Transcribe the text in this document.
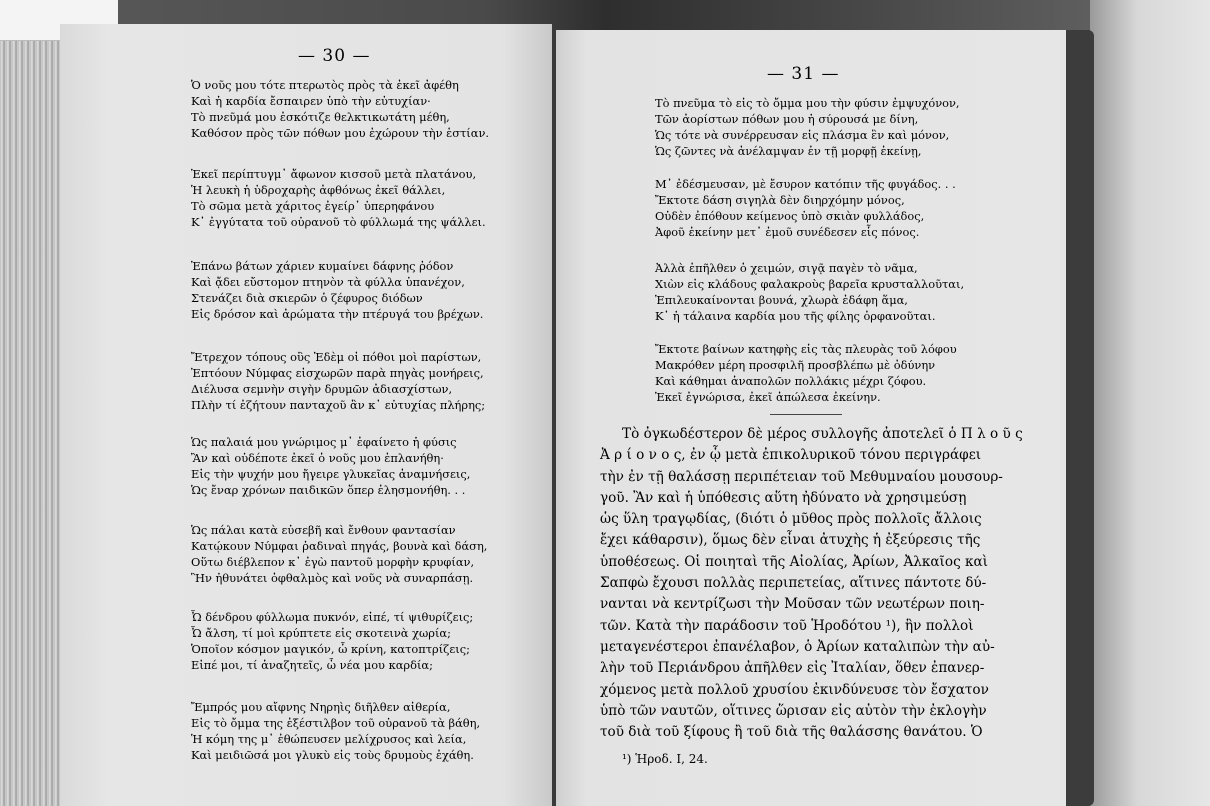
— 30 —
— 31 —
Ὁ νοῦς μου τότε πτερωτὸς πρὸς τὰ ἐκεῖ ἀφέθη
Καὶ ἡ καρδία ἔσπαιρεν ὑπὸ τὴν εὐτυχίαν·
Τὸ πνεῦμά μου ἐσκότιζε θελκτικωτάτη μέθη,
Καθόσον πρὸς τῶν πόθων μου ἐχώρουν τὴν ἑστίαν.
Ἐκεῖ περίπτυγμ᾽ ἄφωνον κισσοῦ μετὰ πλατάνου,
Ἡ λευκὴ ἡ ὑδροχαρὴς ἀφθόνως ἐκεῖ θάλλει,
Τὸ σῶμα μετὰ χάριτος ἐγείρ᾽ ὑπερηφάνου
Κ᾽ ἐγγύτατα τοῦ οὐρανοῦ τὸ φύλλωμά της ψάλλει.
Ἐπάνω βάτων χάριεν κυμαίνει δάφνης ῥόδον
Καὶ ᾄδει εὔστομον πτηνὸν τὰ φύλλα ὑπανέχον,
Στενάζει διὰ σκιερῶν ὁ ζέφυρος διόδων
Εἰς δρόσον καὶ ἀρώματα τὴν πτέρυγά του βρέχων.
Ἔτρεχον τόπους οὓς Ἐδὲμ οἱ πόθοι μοὶ παρίστων,
Ἐπτόουν Νύμφας εἰσχωρῶν παρὰ πηγὰς μονήρεις,
Διέλυσα σεμνὴν σιγὴν δρυμῶν ἀδιασχίστων,
Πλὴν τί ἐζήτουν πανταχοῦ ἂν κ᾽ εὐτυχίας πλήρης;
Ὡς παλαιά μου γνώριμος μ᾽ ἐφαίνετο ἡ φύσις
Ἂν καὶ οὐδέποτε ἐκεῖ ὁ νοῦς μου ἐπλανήθη·
Εἰς τὴν ψυχήν μου ἤγειρε γλυκεῖας ἀναμνήσεις,
Ὡς ἔναρ χρόνων παιδικῶν ὅπερ ἐλησμονήθη. . .
Ὡς πάλαι κατὰ εὐσεβῆ καὶ ἔνθουν φαντασίαν
Κατῴκουν Νύμφαι ῥαδιναὶ πηγάς, βουνὰ καὶ δάση,
Οὕτω διέβλεπον κ᾽ ἐγὼ παντοῦ μορφὴν κρυφίαν,
Ἣν ἠθυνάτει ὀφθαλμὸς καὶ νοῦς νὰ συναρπάσῃ.
Ὦ δένδρου φύλλωμα πυκνόν, εἰπέ, τί ψιθυρίζεις;
Ὦ ἄλση, τί μοὶ κρύπτετε εἰς σκοτεινὰ χωρία;
Ὁποῖον κόσμον μαγικόν, ὦ κρίνη, κατοπτρίζεις;
Εἰπέ μοι, τί ἀναζητεῖς, ὦ νέα μου καρδία;
Ἔμπρός μου αἴφνης Νηρηὶς διῆλθεν αἰθερία,
Εἰς τὸ ὄμμα της ἐξέστιλβον τοῦ οὐρανοῦ τὰ βάθη,
Ἡ κόμη της μ᾽ ἐθώπευσεν μελίχρυσος καὶ λεία,
Καὶ μειδιῶσά μοι γλυκὺ εἰς τοὺς δρυμοὺς ἐχάθη.
Τὸ πνεῦμα τὸ εἰς τὸ ὄμμα μου τὴν φύσιν ἐμψυχόνον,
Τῶν ἀορίστων πόθων μου ἡ σύρουσά με δίνη,
Ὡς τότε νὰ συνέρρευσαν εἰς πλάσμα ἓν καὶ μόνον,
Ὡς ζῶντες νὰ ἀνέλαμψαν ἐν τῇ μορφῇ ἐκείνῃ,
Μ᾽ ἐδέσμευσαν, μὲ ἔσυρον κατόπιν τῆς φυγάδος. . .
Ἔκτοτε δάση σιγηλὰ δὲν διηρχόμην μόνος,
Οὐδὲν ἐπόθουν κείμενος ὑπὸ σκιὰν φυλλάδος,
Ἀφοῦ ἐκείνην μετ᾽ ἐμοῦ συνέδεσεν εἷς πόνος.
Ἀλλὰ ἐπῆλθεν ὁ χειμών, σιγᾷ παγὲν τὸ νᾶμα,
Χιὼν εἰς κλάδους φαλακροὺς βαρεῖα κρυσταλλοῦται,
Ἐπιλευκαίνονται βουνά, χλωρὰ ἐδάφη ἅμα,
Κ᾽ ἡ τάλαινα καρδία μου τῆς φίλης ὀρφανοῦται.
Ἔκτοτε βαίνων κατηφὴς εἰς τὰς πλευρὰς τοῦ λόφου
Μακρόθεν μέρη προσφιλῆ προσβλέπω μὲ ὀδύνην
Καὶ κάθημαι ἀναπολῶν πολλάκις μέχρι ζόφου.
Ἐκεῖ ἐγνώρισα, ἐκεῖ ἀπώλεσα ἐκείνην.
Τὸ ὀγκωδέστερον δὲ μέρος συλλογῆς ἀποτελεῖ ὁ Π λ ο ῦ ς
Ἀ ρ ί ο ν ο ς, ἐν ᾧ μετὰ ἐπικολυρικοῦ τόνου περιγράφει
τὴν ἐν τῇ θαλάσσῃ περιπέτειαν τοῦ Μεθυμναίου μουσουρ-
γοῦ. Ἂν καὶ ἡ ὑπόθεσις αὕτη ἠδύνατο νὰ χρησιμεύσῃ
ὡς ὕλη τραγῳδίας, (διότι ὁ μῦθος πρὸς πολλοῖς ἄλλοις
ἔχει κάθαρσιν), ὅμως δὲν εἶναι ἀτυχὴς ἡ ἐξεύρεσις τῆς
ὑποθέσεως. Οἱ ποιηταὶ τῆς Αἰολίας, Ἀρίων, Ἀλκαῖος καὶ
Σαπφὼ ἔχουσι πολλὰς περιπετείας, αἵτινες πάντοτε δύ-
νανται νὰ κεντρίζωσι τὴν Μοῦσαν τῶν νεωτέρων ποιη-
τῶν. Κατὰ τὴν παράδοσιν τοῦ Ἡροδότου ¹), ἣν πολλοὶ
μεταγενέστεροι ἐπανέλαβον, ὁ Ἀρίων καταλιπὼν τὴν αὐ-
λὴν τοῦ Περιάνδρου ἀπῆλθεν εἰς Ἰταλίαν, ὅθεν ἐπανερ-
χόμενος μετὰ πολλοῦ χρυσίου ἐκινδύνευσε τὸν ἔσχατον
ὑπὸ τῶν ναυτῶν, οἵτινες ὥρισαν εἰς αὐτὸν τὴν ἐκλογὴν
τοῦ διὰ τοῦ ξίφους ἢ τοῦ διὰ τῆς θαλάσσης θανάτου. Ὁ
¹) Ἡροδ. I, 24.
